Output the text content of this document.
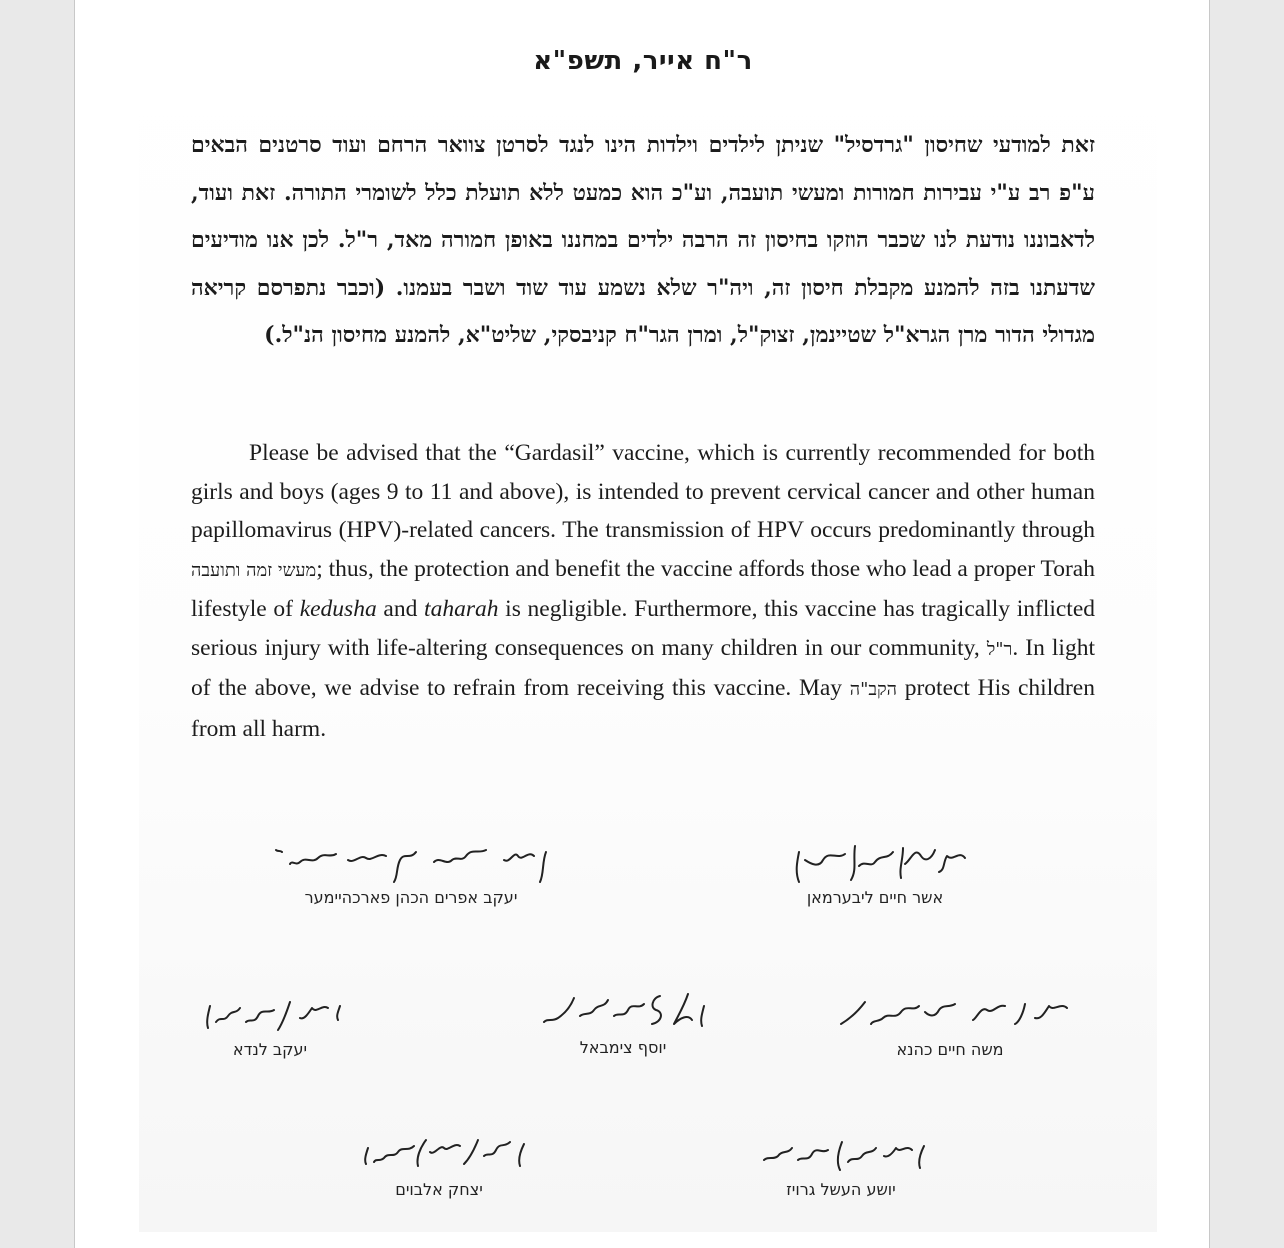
ר"ח אייר, תשפ"א
זאת למודעי שחיסון "גרדסיל" שניתן לילדים וילדות הינו לנגד לסרטן צוואר הרחם ועוד סרטנים הבאים ע"פ רב ע"י עבירות חמורות ומעשי תועבה, וע"כ הוא כמעט ללא תועלת כלל לשומרי התורה. זאת ועוד, לדאבוננו נודעת לנו שכבר הוזקו בחיסון זה הרבה ילדים במחננו באופן חמורה מאד, ר"ל. לכן אנו מודיעים שדעתנו בזה להמנע מקבלת חיסון זה, ויה"ר שלא נשמע עוד שוד ושבר בעמנו. (וכבר נתפרסם קריאה מגדולי הדור מרן הגרא"ל שטיינמן, זצוק"ל, ומרן הגר"ח קניבסקי, שליט"א, להמנע מחיסון הנ"ל.)
Please be advised that the “Gardasil” vaccine, which is currently recommended for both girls and boys (ages 9 to 11 and above), is intended to prevent cervical cancer and other human papillomavirus (HPV)-related cancers. The transmission of HPV occurs predominantly through מעשי זמה ותועבה; thus, the protection and benefit the vaccine affords those who lead a proper Torah lifestyle of kedusha and taharah is negligible. Furthermore, this vaccine has tragically inflicted serious injury with life-altering consequences on many children in our community, ר"ל. In light of the above, we advise to refrain from receiving this vaccine. May הקב"ה protect His children from all harm.
אשר חיים ליבערמאן
יעקב אפרים הכהן פארכהיימער
משה חיים כהנא
יוסף צימבאל
יעקב לנדא
יושע העשל גרויז
יצחק אלבוים
